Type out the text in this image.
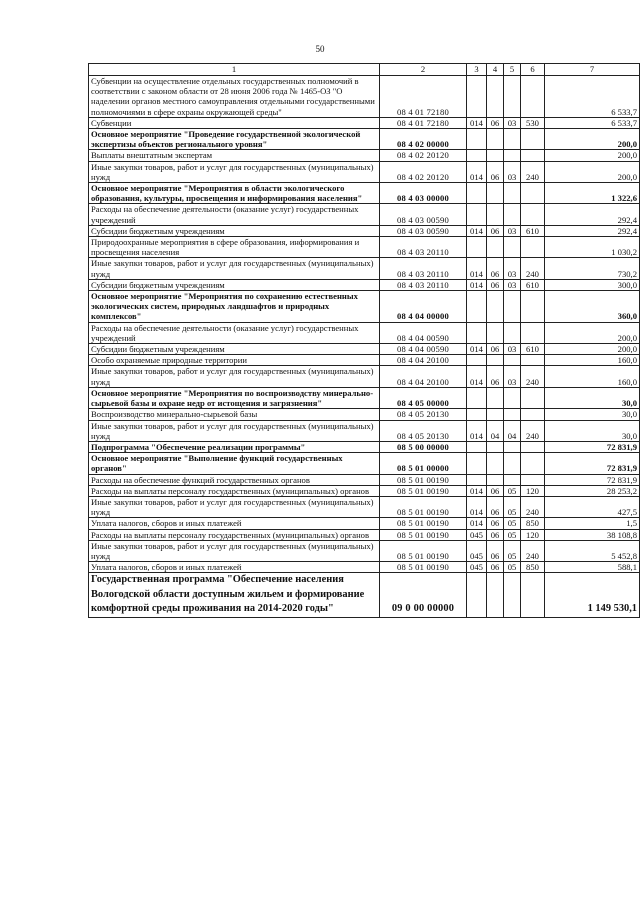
50
1	2	3	4	5	6	7
Субвенции на осуществление отдельных государственных полномочий в соответствии с законом области от 28 июня 2006 года № 1465-ОЗ "О наделении органов местного самоуправления отдельными государственными полномочиями в сфере охраны окружающей среды"	08 4 01 72180					6 533,7
Субвенции	08 4 01 72180	014	06	03	530	6 533,7
Основное мероприятие "Проведение государственной экологической экспертизы объектов регионального уровня"	08 4 02 00000					200,0
Выплаты внештатным экспертам	08 4 02 20120					200,0
Иные закупки товаров, работ и услуг для государственных (муниципальных) нужд	08 4 02 20120	014	06	03	240	200,0
Основное мероприятие "Мероприятия в области экологического образования, культуры, просвещения и информирования населения"	08 4 03 00000					1 322,6
Расходы на обеспечение деятельности (оказание услуг) государственных учреждений	08 4 03 00590					292,4
Субсидии бюджетным учреждениям	08 4 03 00590	014	06	03	610	292,4
Природоохранные мероприятия в сфере образования, информирования и просвещения населения	08 4 03 20110					1 030,2
Иные закупки товаров, работ и услуг для государственных (муниципальных) нужд	08 4 03 20110	014	06	03	240	730,2
Субсидии бюджетным учреждениям	08 4 03 20110	014	06	03	610	300,0
Основное мероприятие "Мероприятия по сохранению естественных экологических систем, природных ландшафтов и природных комплексов"	08 4 04 00000					360,0
Расходы на обеспечение деятельности (оказание услуг) государственных учреждений	08 4 04 00590					200,0
Субсидии бюджетным учреждениям	08 4 04 00590	014	06	03	610	200,0
Особо охраняемые природные территории	08 4 04 20100					160,0
Иные закупки товаров, работ и услуг для государственных (муниципальных) нужд	08 4 04 20100	014	06	03	240	160,0
Основное мероприятие "Мероприятия по воспроизводству минерально-сырьевой базы и охране недр от истощения и загрязнения"	08 4 05 00000					30,0
Воспроизводство минерально-сырьевой базы	08 4 05 20130					30,0
Иные закупки товаров, работ и услуг для государственных (муниципальных) нужд	08 4 05 20130	014	04	04	240	30,0
Подпрограмма "Обеспечение реализации программы"	08 5 00 00000					72 831,9
Основное мероприятие "Выполнение функций государственных органов"	08 5 01 00000					72 831,9
Расходы на обеспечение функций государственных органов	08 5 01 00190					72 831,9
Расходы на выплаты персоналу государственных (муниципальных) органов	08 5 01 00190	014	06	05	120	28 253,2
Иные закупки товаров, работ и услуг для государственных (муниципальных) нужд	08 5 01 00190	014	06	05	240	427,5
Уплата налогов, сборов и иных платежей	08 5 01 00190	014	06	05	850	1,5
Расходы на выплаты персоналу государственных (муниципальных) органов	08 5 01 00190	045	06	05	120	38 108,8
Иные закупки товаров, работ и услуг для государственных (муниципальных) нужд	08 5 01 00190	045	06	05	240	5 452,8
Уплата налогов, сборов и иных платежей	08 5 01 00190	045	06	05	850	588,1
Государственная программа "Обеспечение населения Вологодской области доступным жильем и формирование комфортной среды проживания на 2014-2020 годы"	09 0 00 00000					1 149 530,1
